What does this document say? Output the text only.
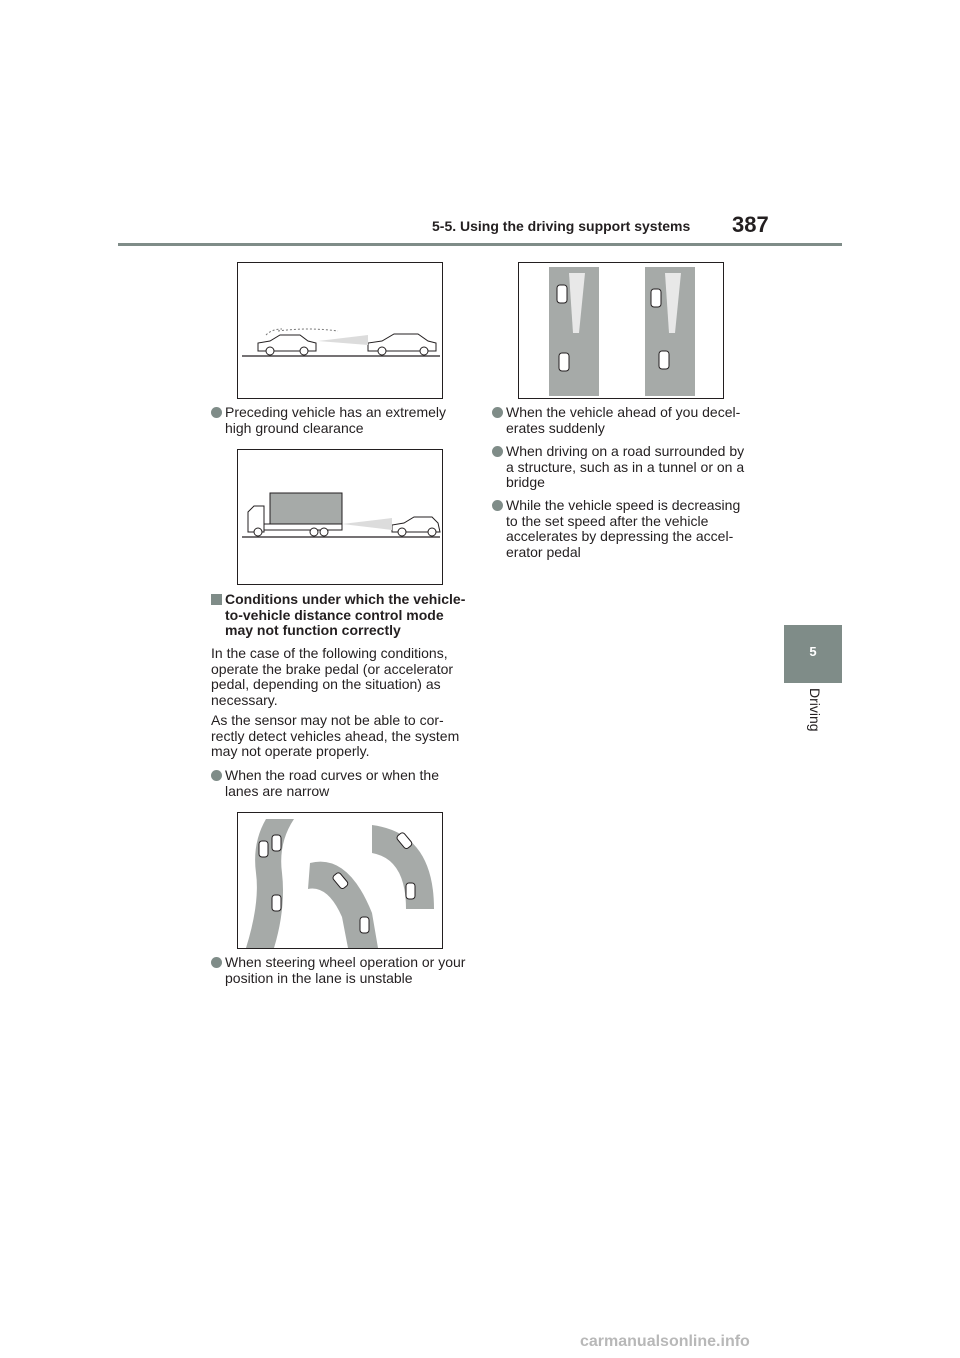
5-5. Using the driving support systems 387
5
Driving
Preceding vehicle has an extremely high ground clearance
Conditions under which the vehicle-to-vehicle distance control mode may not function correctly
In the case of the following conditions, operate the brake pedal (or accelerator pedal, depending on the situation) as necessary.
As the sensor may not be able to correctly detect vehicles ahead, the system may not operate properly.
When the road curves or when the lanes are narrow
When steering wheel operation or your position in the lane is unstable
When the vehicle ahead of you decelerates suddenly
When driving on a road surrounded by a structure, such as in a tunnel or on a bridge
While the vehicle speed is decreasing to the set speed after the vehicle accelerates by depressing the accelerator pedal
carmanualsonline.info
